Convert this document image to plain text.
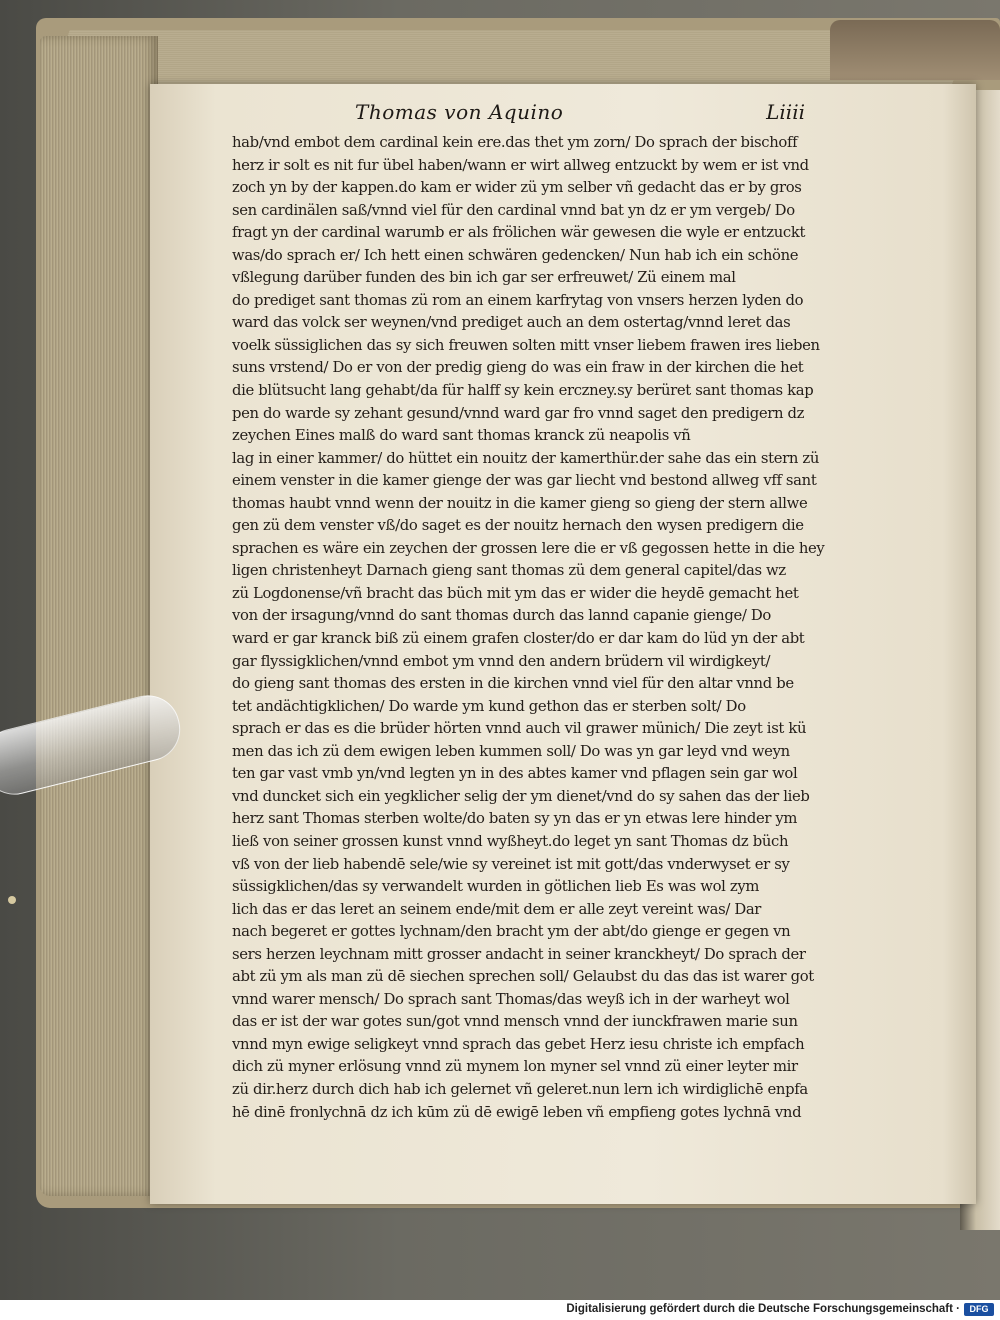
Thomas von Aquino	Liiii
hab/vnd embot dem cardinal kein ere.das thet ym zorn/ Do sprach der bischoff
herz ir solt es nit fur übel haben/wann er wirt allweg entzuckt by wem er ist vnd
zoch yn by der kappen.do kam er wider zü ym selber vñ gedacht das er by gros
sen cardinälen saß/vnnd viel für den cardinal vnnd bat yn dz er ym vergeb/ Do
fragt yn der cardinal warumb er als frölichen wär gewesen die wyle er entzuckt
was/do sprach er/ Ich hett einen schwären gedencken/ Nun hab ich ein schöne
vßlegung darüber funden des bin ich gar ser erfreuwet/ Zü einem mal
do prediget sant thomas zü rom an einem karfrytag von vnsers herzen lyden do
ward das volck ser weynen/vnd prediget auch an dem ostertag/vnnd leret das
voelk süssiglichen das sy sich freuwen solten mitt vnser liebem frawen ires lieben
suns vrstend/ Do er von der predig gieng do was ein fraw in der kirchen die het
die blütsucht lang gehabt/da für halff sy kein erczney.sy berüret sant thomas kap
pen do warde sy zehant gesund/vnnd ward gar fro vnnd saget den predigern dz
zeychen Eines malß do ward sant thomas kranck zü neapolis vñ
lag in einer kammer/ do hüttet ein nouitz der kamerthür.der sahe das ein stern zü
einem venster in die kamer gienge der was gar liecht vnd bestond allweg vff sant
thomas haubt vnnd wenn der nouitz in die kamer gieng so gieng der stern allwe
gen zü dem venster vß/do saget es der nouitz hernach den wysen predigern die
sprachen es wäre ein zeychen der grossen lere die er vß gegossen hette in die hey
ligen christenheyt Darnach gieng sant thomas zü dem general capitel/das wz
zü Logdonense/vñ bracht das büch mit ym das er wider die heydē gemacht het
von der irsagung/vnnd do sant thomas durch das lannd capanie gienge/ Do
ward er gar kranck biß zü einem grafen closter/do er dar kam do lüd yn der abt
gar flyssigklichen/vnnd embot ym vnnd den andern brüdern vil wirdigkeyt/
do gieng sant thomas des ersten in die kirchen vnnd viel für den altar vnnd be
tet andächtigklichen/ Do warde ym kund gethon das er sterben solt/ Do
sprach er das es die brüder hörten vnnd auch vil grawer münich/ Die zeyt ist kü
men das ich zü dem ewigen leben kummen soll/ Do was yn gar leyd vnd weyn
ten gar vast vmb yn/vnd legten yn in des abtes kamer vnd pflagen sein gar wol
vnd duncket sich ein yegklicher selig der ym dienet/vnd do sy sahen das der lieb
herz sant Thomas sterben wolte/do baten sy yn das er yn etwas lere hinder ym
ließ von seiner grossen kunst vnnd wyßheyt.do leget yn sant Thomas dz büch
vß von der lieb habendē sele/wie sy vereinet ist mit gott/das vnderwyset er sy
süssigklichen/das sy verwandelt wurden in götlichen lieb Es was wol zym
lich das er das leret an seinem ende/mit dem er alle zeyt vereint was/ Dar
nach begeret er gottes lychnam/den bracht ym der abt/do gienge er gegen vn
sers herzen leychnam mitt grosser andacht in seiner kranckheyt/ Do sprach der
abt zü ym als man zü dē siechen sprechen soll/ Gelaubst du das das ist warer got
vnnd warer mensch/ Do sprach sant Thomas/das weyß ich in der warheyt wol
das er ist der war gotes sun/got vnnd mensch vnnd der iunckfrawen marie sun
vnnd myn ewige seligkeyt vnnd sprach das gebet Herz iesu christe ich empfach
dich zü myner erlösung vnnd zü mynem lon myner sel vnnd zü einer leyter mir
zü dir.herz durch dich hab ich gelernet vñ geleret.nun lern ich wirdiglichē enpfa
hē dinē fronlychnā dz ich kūm zü dē ewigē leben vñ empfieng gotes lychnā vnd
Digitalisierung gefördert durch die Deutsche Forschungsgemeinschaft ·	DFG
